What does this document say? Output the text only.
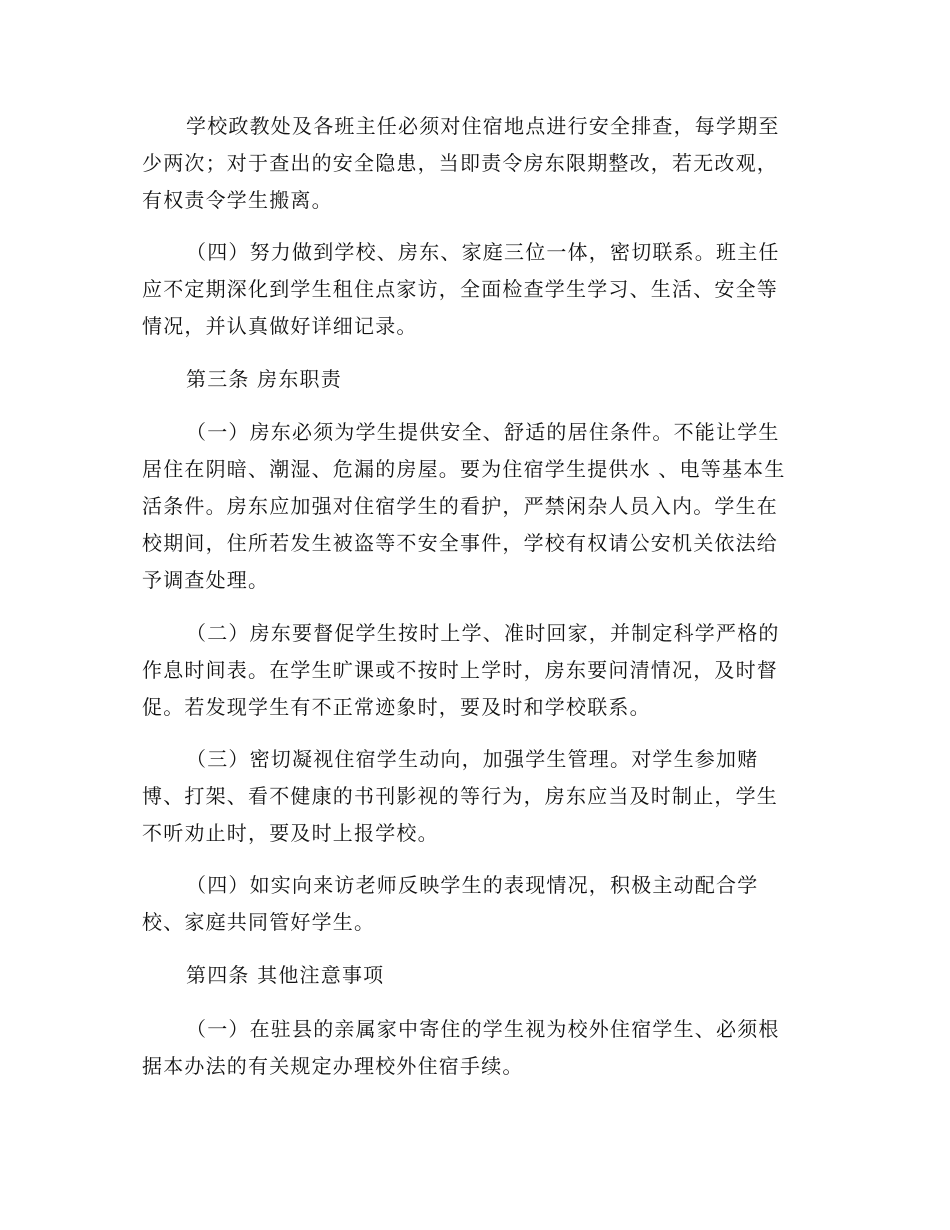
学校政教处及各班主任必须对住宿地点进行安全排查，每学期至
少两次；对于查出的安全隐患，当即责令房东限期整改，若无改观，
有权责令学生搬离。
（四）努力做到学校、房东、家庭三位一体，密切联系。班主任
应不定期深化到学生租住点家访，全面检查学生学习、生活、安全等
情况，并认真做好详细记录。
第三条 房东职责
（一）房东必须为学生提供安全、舒适的居住条件。不能让学生
居住在阴暗、潮湿、危漏的房屋。要为住宿学生提供水 、电等基本生
活条件。房东应加强对住宿学生的看护，严禁闲杂人员入内。学生在
校期间，住所若发生被盗等不安全事件，学校有权请公安机关依法给
予调查处理。
（二）房东要督促学生按时上学、准时回家，并制定科学严格的
作息时间表。在学生旷课或不按时上学时，房东要问清情况，及时督
促。若发现学生有不正常迹象时，要及时和学校联系。
（三）密切凝视住宿学生动向，加强学生管理。对学生参加赌
博、打架、看不健康的书刊影视的等行为，房东应当及时制止，学生
不听劝止时，要及时上报学校。
（四）如实向来访老师反映学生的表现情况，积极主动配合学
校、家庭共同管好学生。
第四条 其他注意事项
（一）在驻县的亲属家中寄住的学生视为校外住宿学生、必须根
据本办法的有关规定办理校外住宿手续。
